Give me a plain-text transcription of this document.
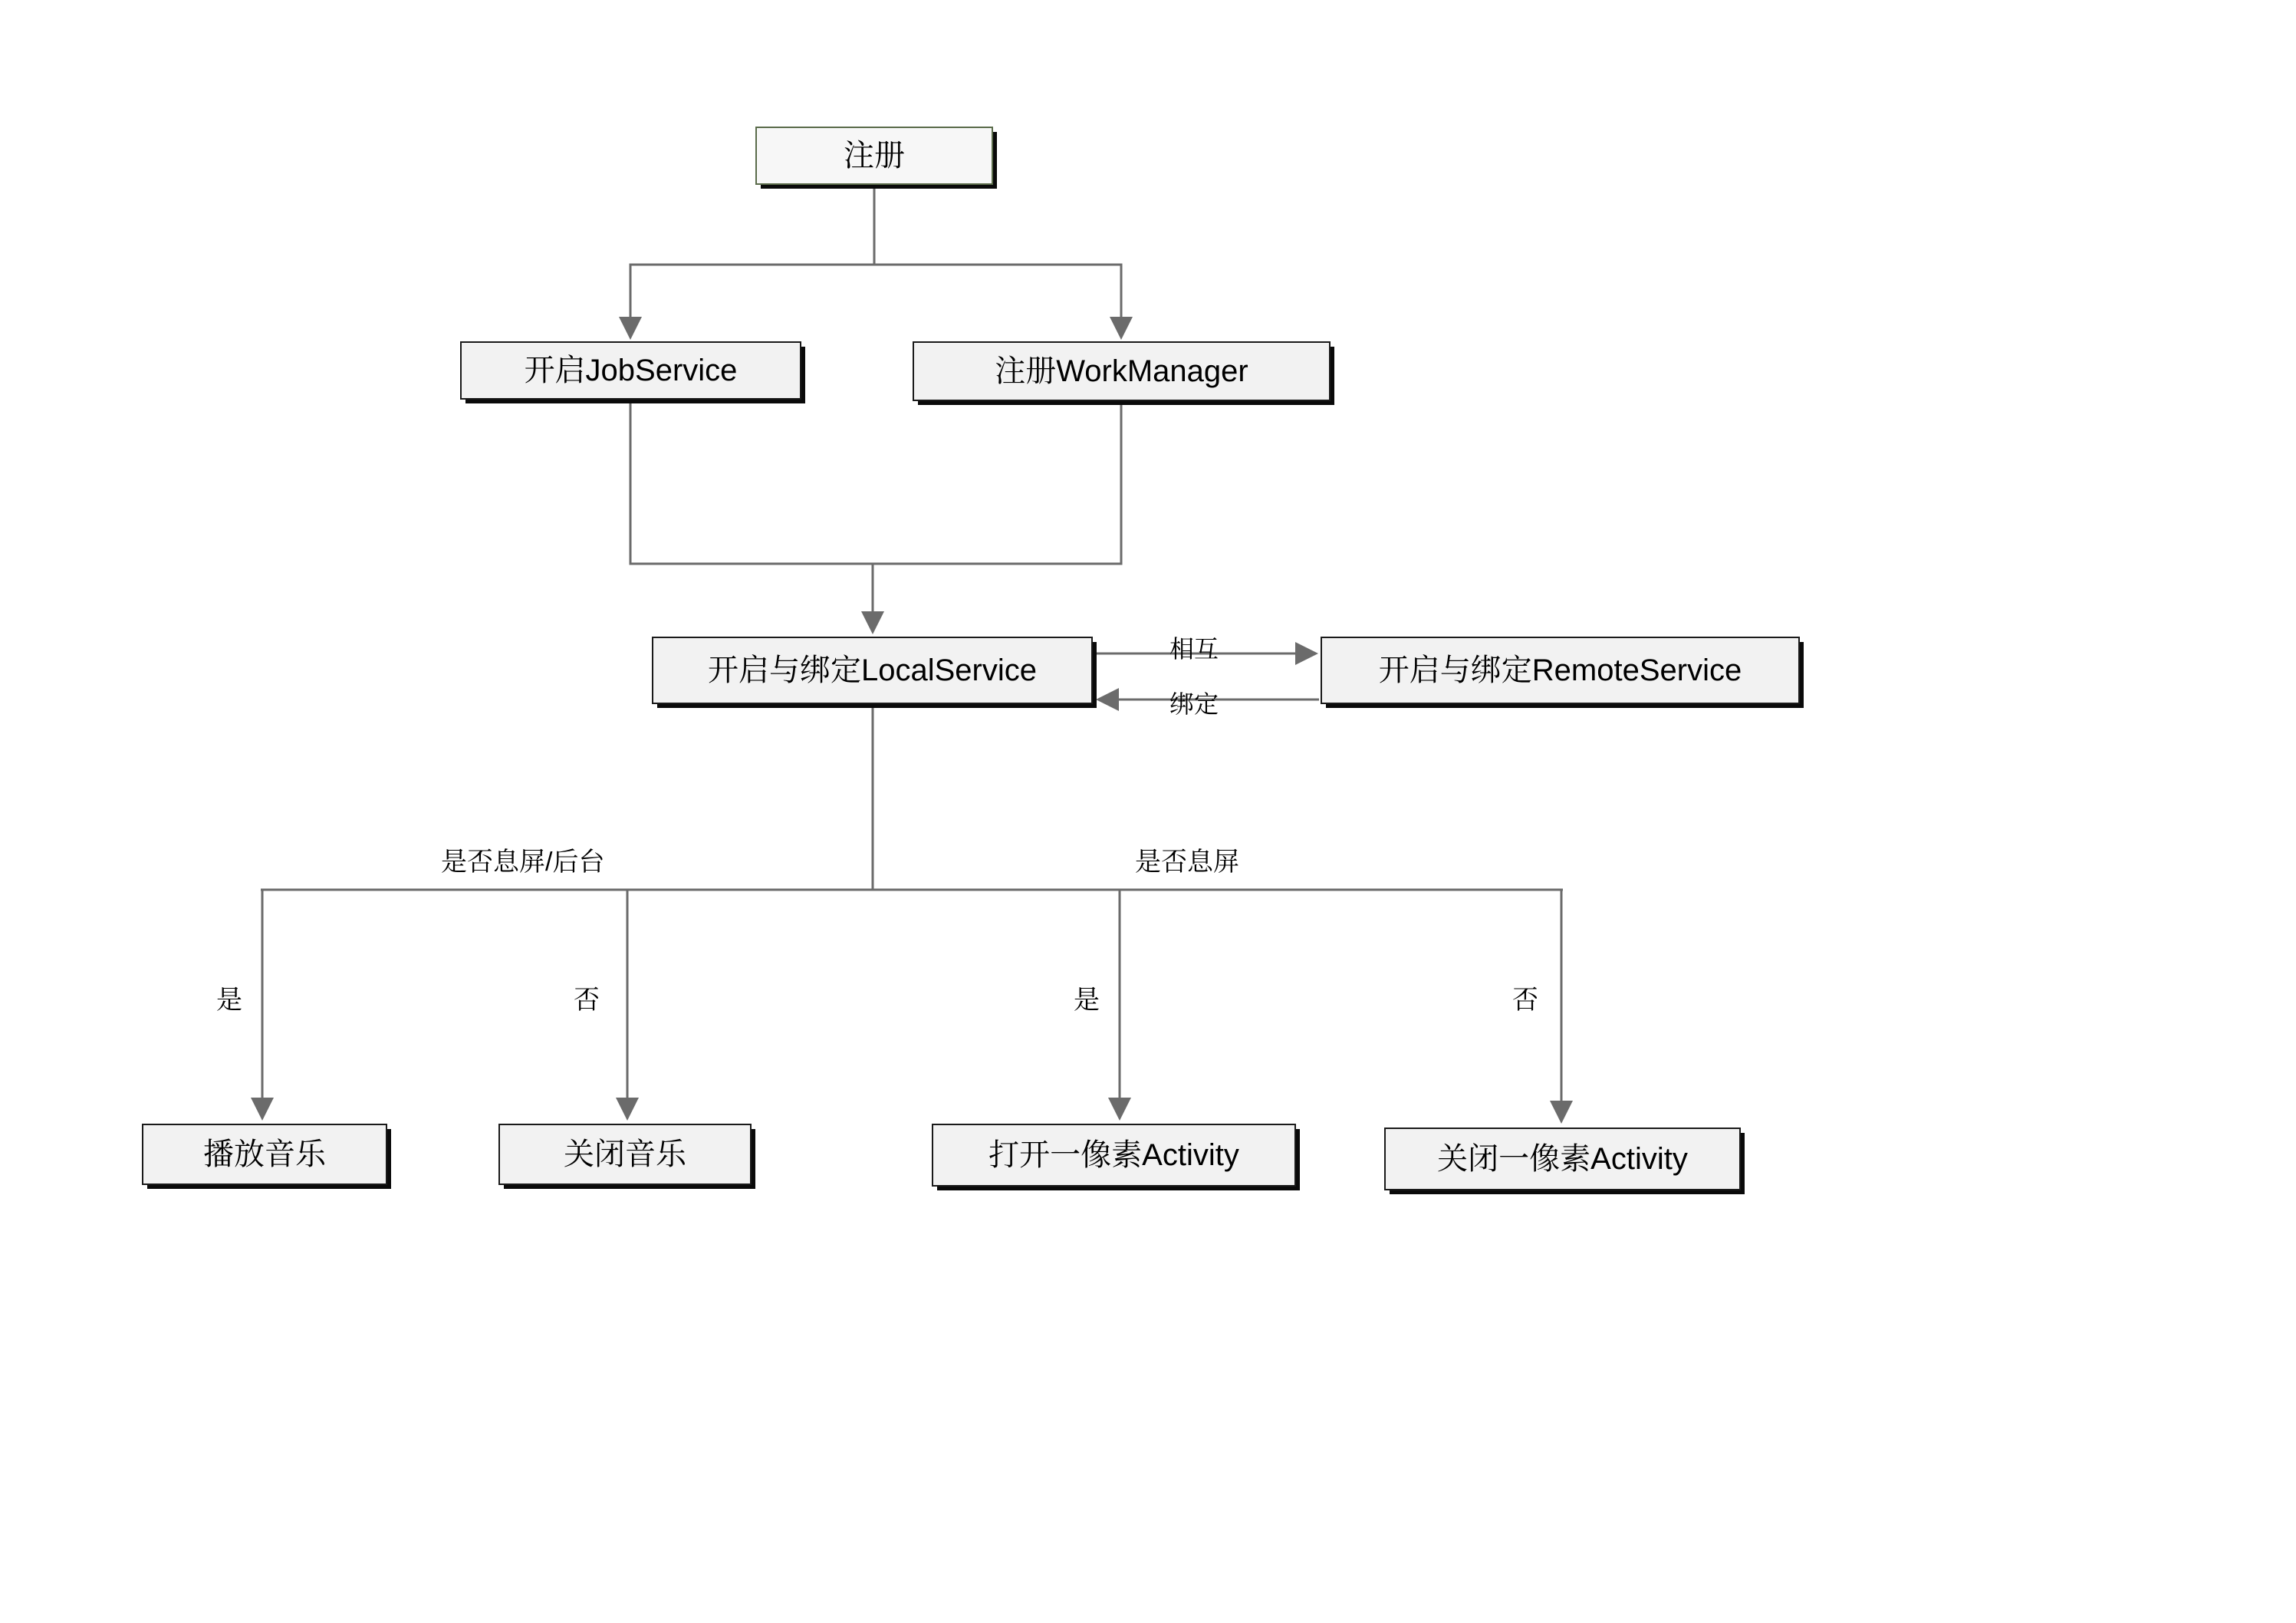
注册
开启JobService	注册WorkManager
开启与绑定LocalService	开启与绑定RemoteService
播放音乐	关闭音乐	打开一像素Activity	关闭一像素Activity
相互
绑定
是否息屏/后台	是否息屏
是	否	是	否
